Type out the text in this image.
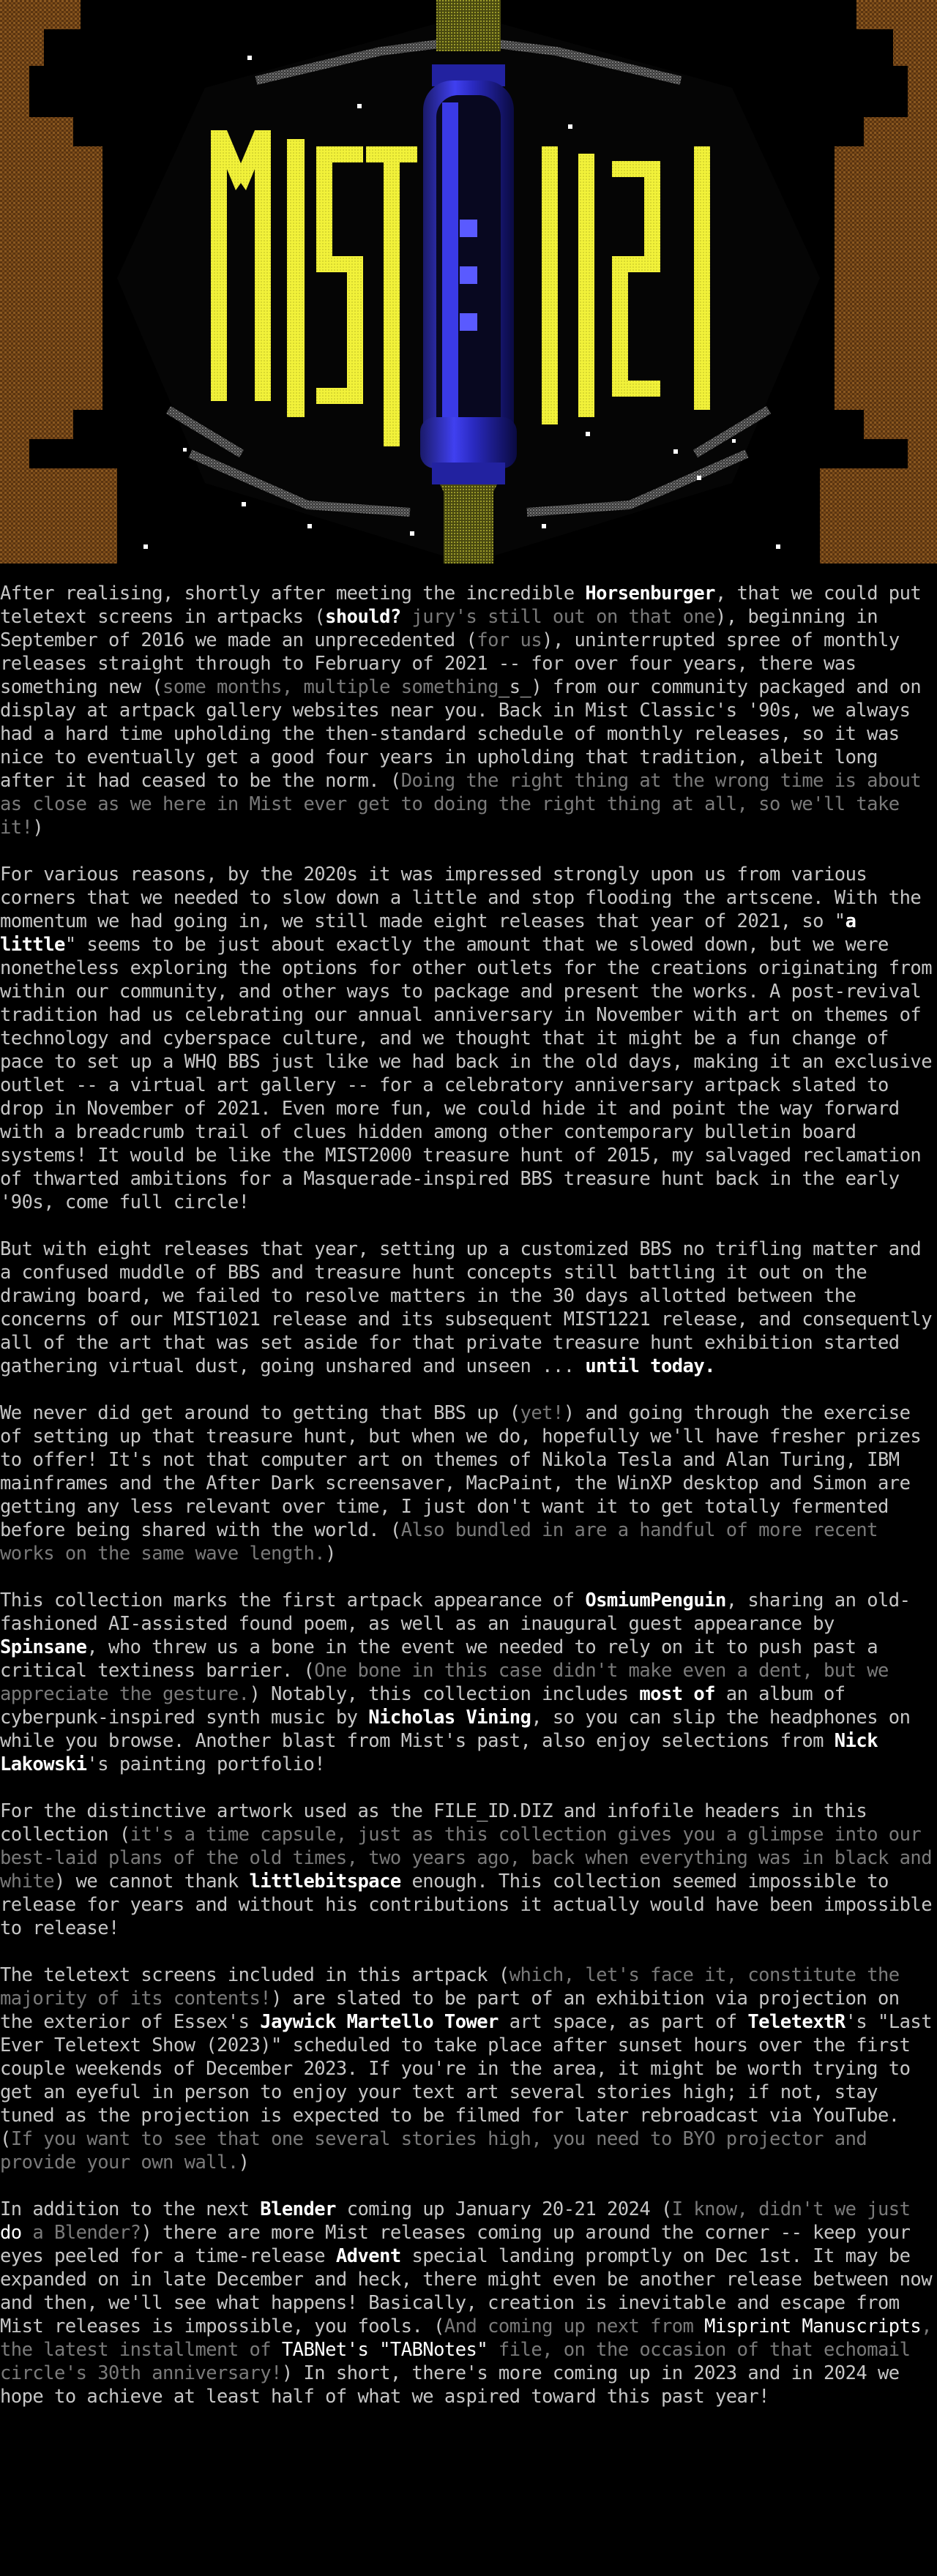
After realising, shortly after meeting the incredible Horsenburger, that we could put teletext screens in artpacks (should? jury's still out on that one), beginning in September of 2016 we made an unprecedented (for us), uninterrupted spree of monthly releases straight through to February of 2021 -- for over four years, there was something new (some months, multiple something_s_) from our community packaged and on display at artpack gallery websites near you. Back in Mist Classic's '90s, we always had a hard time upholding the then-standard schedule of monthly releases, so it was nice to eventually get a good four years in upholding that tradition, albeit long after it had ceased to be the norm. (Doing the right thing at the wrong time is about as close as we here in Mist ever get to doing the right thing at all, so we'll take it!)

For various reasons, by the 2020s it was impressed strongly upon us from various corners that we needed to slow down a little and stop flooding the artscene. With the momentum we had going in, we still made eight releases that year of 2021, so "a little" seems to be just about exactly the amount that we slowed down, but we were nonetheless exploring the options for other outlets for the creations originating from within our community, and other ways to package and present the works. A post-revival tradition had us celebrating our annual anniversary in November with art on themes of technology and cyberspace culture, and we thought that it might be a fun change of pace to set up a WHQ BBS just like we had back in the old days, making it an exclusive outlet -- a virtual art gallery -- for a celebratory anniversary artpack slated to drop in November of 2021. Even more fun, we could hide it and point the way forward with a breadcrumb trail of clues hidden among other contemporary bulletin board systems! It would be like the MIST2000 treasure hunt of 2015, my salvaged reclamation of thwarted ambitions for a Masquerade-inspired BBS treasure hunt back in the early '90s, come full circle!

But with eight releases that year, setting up a customized BBS no trifling matter and a confused muddle of BBS and treasure hunt concepts still battling it out on the drawing board, we failed to resolve matters in the 30 days allotted between the concerns of our MIST1021 release and its subsequent MIST1221 release, and consequently all of the art that was set aside for that private treasure hunt exhibition started gathering virtual dust, going unshared and unseen ... until today.

We never did get around to getting that BBS up (yet!) and going through the exercise of setting up that treasure hunt, but when we do, hopefully we'll have fresher prizes to offer! It's not that computer art on themes of Nikola Tesla and Alan Turing, IBM mainframes and the After Dark screensaver, MacPaint, the WinXP desktop and Simon are getting any less relevant over time, I just don't want it to get totally fermented before being shared with the world. (Also bundled in are a handful of more recent works on the same wave length.)

This collection marks the first artpack appearance of OsmiumPenguin, sharing an old-fashioned AI-assisted found poem, as well as an inaugural guest appearance by Spinsane, who threw us a bone in the event we needed to rely on it to push past a critical textiness barrier. (One bone in this case didn't make even a dent, but we appreciate the gesture.) Notably, this collection includes most of an album of cyberpunk-inspired synth music by Nicholas Vining, so you can slip the headphones on while you browse. Another blast from Mist's past, also enjoy selections from Nick Lakowski's painting portfolio!

For the distinctive artwork used as the FILE_ID.DIZ and infofile headers in this collection (it's a time capsule, just as this collection gives you a glimpse into our best-laid plans of the old times, two years ago, back when everything was in black and white) we cannot thank littlebitspace enough. This collection seemed impossible to release for years and without his contributions it actually would have been impossible to release!

The teletext screens included in this artpack (which, let's face it, constitute the majority of its contents!) are slated to be part of an exhibition via projection on the exterior of Essex's Jaywick Martello Tower art space, as part of TeletextR's "Last Ever Teletext Show (2023)" scheduled to take place after sunset hours over the first couple weekends of December 2023. If you're in the area, it might be worth trying to get an eyeful in person to enjoy your text art several stories high; if not, stay tuned as the projection is expected to be filmed for later rebroadcast via YouTube. (If you want to see that one several stories high, you need to BYO projector and provide your own wall.)

In addition to the next Blender coming up January 20-21 2024 (I know, didn't we just do a Blender?) there are more Mist releases coming up around the corner -- keep your eyes peeled for a time-release Advent special landing promptly on Dec 1st. It may be expanded on in late December and heck, there might even be another release between now and then, we'll see what happens! Basically, creation is inevitable and escape from Mist releases is impossible, you fools. (And coming up next from Misprint Manuscripts, the latest installment of TABNet's "TABNotes" file, on the occasion of that echomail circle's 30th anniversary!) In short, there's more coming up in 2023 and in 2024 we hope to achieve at least half of what we aspired toward this past year!
